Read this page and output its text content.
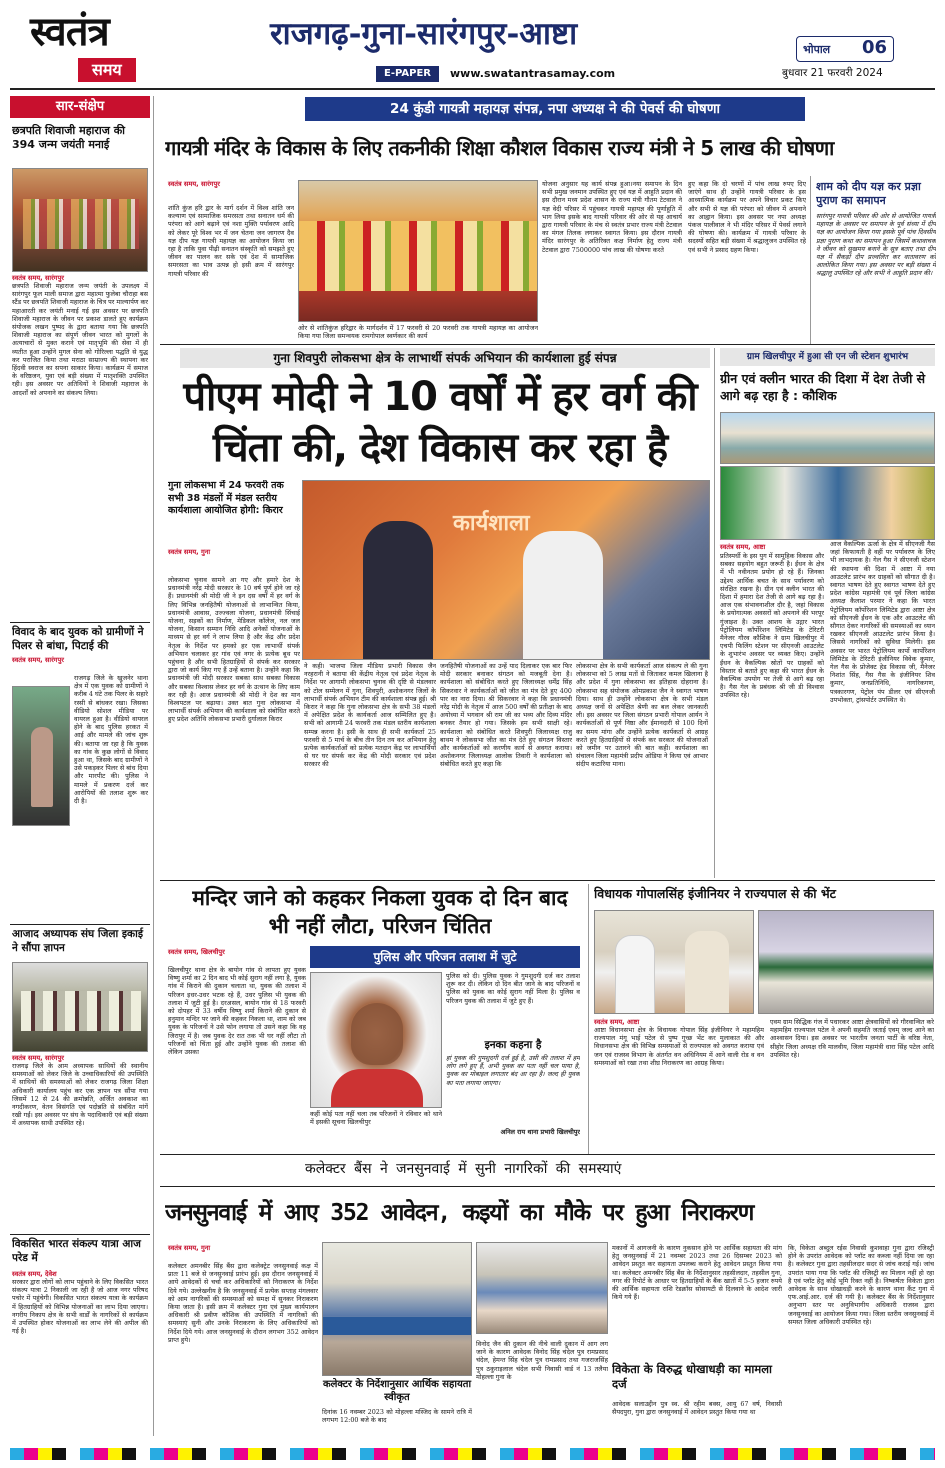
स्वतंत्र
समय
राजगढ़-गुना-सारंगपुर-आष्टा
E-PAPER	www.swatantrasamay.com
भोपाल 06
बुधवार 21 फरवरी 2024
सार-संक्षेप
छत्रपति शिवाजी महाराज की 394 जन्म जयंती मनाई
स्वतंत्र समय, सारंगपुर
छत्रपति शिवाजी महाराज जन्म जयंती के उपलक्ष्य में सारंगपुर फूल माली समाज द्वारा महात्मा फुलेबा चौराहा बस स्टैंड पर छत्रपति शिवाजी महाराज के चित्र पर माल्यार्पण कर महाआरती कर जयंती मनाई गई इस अवसर पर छत्रपति शिवाजी महाराज के जीवन पर प्रकाश डालते हुए कार्यक्रम संयोजक लखन पुष्पद के द्वारा बताया गया कि छत्रपति शिवाजी महाराज का संपूर्ण जीवन भारत को मुगलों के अत्याचारों से मुक्त कराने एवं मातृभूमि की सेवा में ही व्यतीत हुआ उन्होंने मुगल सेना को गोरिल्ला पद्धति से युद्ध कर पराजित किया तथा मराठा साम्राज्य की स्थापना कर हिंदवी स्वराज का सपना साकार किया। कार्यक्रम में समाज के वरिष्ठजन, युवा एवं बड़ी संख्या में मातृशक्ति उपस्थित रही। इस अवसर पर अतिथियों ने शिवाजी महाराज के आदर्शों को अपनाने का संकल्प लिया।
विवाद के बाद युवक को ग्रामीणों ने पिलर से बांधा, पिटाई की
स्वतंत्र समय, सारंगपुर
राजगढ़ जिले के खुजनेर थाना क्षेत्र में एक युवक को ग्रामीणों ने करीब 4 घंटे तक पिलर के सहारे रस्सी से बांधकर रखा। जिसका वीडियो सोशल मीडिया पर वायरल हुआ है। वीडियो वायरल होने के बाद पुलिस हरकत में आई और मामले की जांच शुरू की। बताया जा रहा है कि युवक का गांव के कुछ लोगों से विवाद हुआ था, जिसके बाद ग्रामीणों ने उसे पकड़कर पिलर से बांध दिया और मारपीट की। पुलिस ने मामले में प्रकरण दर्ज कर आरोपियों की तलाश शुरू कर दी है।
आजाद अध्यापक संघ जिला इकाई ने सौंपा ज्ञापन
स्वतंत्र समय, सारंगपुर
राजगढ़ जिले के आम अध्यापक साथियों की स्थानीय समस्याओं को लेकर जिले के उच्चाधिकारियों की उपस्थिति में साथियों की समस्याओं को लेकर राजगढ़ जिला शिक्षा अधिकारी कार्यालय पहुंच कर एक ज्ञापन पत्र सौंपा गया जिसमें 12 से 24 की क्रमोन्नति, अर्जित अवकाश का नगदीकरण, वेतन विसंगति एवं पदोन्नति से संबंधित मांगें रखी गईं। इस अवसर पर संघ के पदाधिकारी एवं बड़ी संख्या में अध्यापक साथी उपस्थित रहे।
विकसित भारत संकल्प यात्रा आज परेड में
स्वतंत्र समय, देवेश
सरकार द्वारा लोगों को लाभ पहुंचाने के लिए विकसित भारत संकल्प यात्रा 2 निकाली जा रही है जो आज नगर परिषद पचोर में पहुंचेगी। विकसित भारत संकल्प यात्रा के कार्यक्रम में हितग्राहियों को विभिन्न योजनाओं का लाभ दिया जाएगा। नगरीय निकाय क्षेत्र के सभी वार्डों के नागरिकों से कार्यक्रम में उपस्थित होकर योजनाओं का लाभ लेने की अपील की गई है।
24 कुंडी गायत्री महायज्ञ संपन्न, नपा अध्यक्ष ने की पेवर्स की घोषणा
गायत्री मंदिर के विकास के लिए तकनीकी शिक्षा कौशल विकास राज्य मंत्री ने 5 लाख की घोषणा
स्वतंत्र समय, सारंगपुर
शांति कुंज हरि द्वार के मार्ग दर्शन में विश्व शांति जन कल्याण एवं सामाजिक समरसता तथा सनातन धर्म की परंपरा को आगे बढ़ाने एवं नशा मुक्ति पर्यावरण आदि को लेकर पूरे विश्व भर में जन चेतना जन जागरण दैव यज्ञ दीप यज्ञ गायत्री महायज्ञ का आयोजन किया जा रहा है ताकि युवा पीढ़ी सनातन संस्कृति को समझते हुए जीवन का पालन कर सके एवं देश में सामाजिक समरसता का भाव उत्पन्न हो इसी क्रम में सारंगपुर गायत्री परिवार की
ओर से शांतिकुंज हरिद्वार के मार्गदर्शन में 17 फरवरी से 20 फरवरी तक गायत्री महायज्ञ का आयोजन किया गया जिला समन्वयक रामगोपाल स्वर्णकार की कार्य
योजना अनुसार यह कार्य संपन्न हुआ।नया समापन के दिन सभी प्रमुख जनमान उपस्थित हुए एवं यज्ञ में आहुति प्रदान की इस दौरान मध्य प्रदेश शासन के राज्य मंत्री गौतम टेटवाल ने यज्ञ वेदी परिसर में पहुंचकर गायत्री महायज्ञ की पूर्णाहुति में भाग लिया इसके बाद गायत्री परिवार की ओर से यह आचार्य द्वारा गायत्री परिवार के मंच से स्वतंत्र प्रभार राज्य मंत्री टेटवाल का मंगल तिलक लगाकर स्वागत किया। इस दौरान गायत्री मंदिर सारंगपुर के अतिरिक्त कक्ष निर्माण हेतु राज्य मंत्री टेटवाल द्वारा 7500000 पांच लाख की घोषणा करते
हुए कहा कि दो चरणों में पांच लाख रुपए दिए जाएंगे साथ ही उन्होंने गायत्री परिवार के इस आध्यात्मिक कार्यक्रम पर अपने विचार प्रकट किए और सभी से यज्ञ की परंपरा को जीवन में अपनाने का आह्वान किया। इस अवसर पर नपा अध्यक्ष पंकज पालीवाल ने भी मंदिर परिसर में पेवर्स लगाने की घोषणा की। कार्यक्रम में गायत्री परिवार के सदस्यों सहित बड़ी संख्या में श्रद्धालुजन उपस्थित रहे एवं सभी ने प्रसाद ग्रहण किया।
शाम को दीप यज्ञ कर प्रज्ञा पुराण का समापन
सारंगपुर गायत्री परिवार की ओर से आयोजित गायत्री महायज्ञ के अवसर पर समापन के पूर्व संध्या में दीप यज्ञ का आयोजन किया गया इसके पूर्व पांच दिवसीय प्रज्ञा पुराण कथा का समापन हुआ जिसमें कथावाचक ने जीवन को सुखमय बनाने के सूत्र बताए तथा दीप यज्ञ में सैकड़ों दीप प्रज्वलित कर वातावरण को आलोकित किया गया। इस अवसर पर बड़ी संख्या में श्रद्धालु उपस्थित रहे और सभी ने आहुति प्रदान की।
गुना शिवपुरी लोकसभा क्षेत्र के लाभार्थी संपर्क अभियान की कार्यशाला हुई संपन्न
पीएम मोदी ने 10 वर्षों में हर वर्ग की चिंता की, देश विकास कर रहा है
गुना लोकसभा में 24 फरवरी तक सभी 38 मंडलों में मंडल स्तरीय कार्यशाला आयोजित होगी: किरार
कार्यशाला
स्वतंत्र समय, गुना
लोकसभा चुनाव सामने आ गए और हमारे देश के प्रधानमंत्री नरेंद्र मोदी सरकार के 10 वर्ष पूर्ण होने जा रहे हैं। प्रधानमंत्री श्री मोदी जी ने इन दस वर्षों में हर वर्ग के लिए विभिन्न जनहितैषी योजनाओं से लाभान्वित किया, प्रधानमंत्री आवास, उज्ज्वला योजना, प्रधानमंत्री सिंचाई योजना, सड़कों का निर्माण, मेडिकल कॉलेज, नल जल योजना, किसान सम्मान निधि आदि अनेकों योजनाओं के माध्यम से हर वर्ग ने लाभ लिया है और केंद्र और प्रदेश नेतृत्व के निर्देश पर हमको हर एक लाभार्थी संपर्क अभियान चलाकर हर गांव एवं नगर के प्रत्येक बूथ पर पहुंचना है और सभी हितग्राहियों से संपर्क कर सरकार द्वारा जो कार्य किए गए हैं उन्हें बताना है। उन्होंने कहा कि प्रधानमंत्री जी मोदी सरकार सबका साथ सबका विकास और सबका विश्वास लेकर हर वर्ग के उत्थान के लिए काम कर रही है। आज प्रधानमंत्री श्री मोदी ने देश का मान विश्वपटल पर बढ़ाया। उक्त बात गुना लोकसभा में लाभार्थी संपर्क अभियान की कार्यशाला को संबोधित करते हुए प्रदेश अतिथि लोकसभा प्रभारी दुर्गालाल किरार
ने कही। भाजपा जिला मीडिया प्रभारी विकास जैन नरहरानी ने बताया की केंद्रीय नेतृत्व एवं प्रदेश नेतृत्व के निर्देश पर आगामी लोकसभा चुनाव की दृष्टि से मंडलवार को टोल सम्मेलन में गुना, शिवपुरी, अशोकनगर जिलों के लाभार्थी संपर्क अभियान टीम की कार्यशाला संपन्न हुई। श्री किरार ने कहा कि गुना लोकसभा क्षेत्र के सभी 38 मंडलों में अपेक्षित प्रदेश के कार्यकर्ता आज सम्मिलित हुए है। सभी को आगामी 24 फरवरी तक मंडल स्तरीय कार्यशाला सम्पन्न करना है। इसी के साथ ही सभी कार्यकर्ता 25 फरवरी से 5 मार्च के बीच तीन दिन तय कर अभियान हेतु प्रत्येक कार्यकर्ताओं को प्रत्येक मतदान केंद्र पर लाभार्थियों से घर घर संपर्क कर केंद्र की मोदी सरकार एवं प्रदेश सरकार की
जनहितैषी योजनाओं का उन्हें याद दिलाकर एक बार फिर मोदी सरकार बनाकर संगठन को मजबूती देना है। कार्यशाला को संबोधित करते हुए जिलाध्यक्ष धर्मेंद्र सिंह सिकरवार ने कार्यकर्ताओं को जीत का मंत्र देते हुए 400 पार का नारा दिया। श्री सिकरवार ने कहा कि प्रधानमंत्री नरेंद्र मोदी के नेतृत्व में आज 500 वर्षों की प्रतीक्षा के बाद अयोध्या में भगवान श्री राम जी का भव्य और दिव्य मंदिर बनकर तैयार हो गया। जिसके हम सभी साक्षी रहे। कार्यशाला को संबोधित करते शिवपुरी जिलाध्यक्ष राजु बाथम ने लोकसभा जीत का मंत्र देते हुए संगठन विस्तार और कार्यकर्ताओं को करणीय कार्य से अवगत कराया। अशोकनगर जिलाध्यक्ष आलोक तिवारी ने कार्यशाला को संबोधित करते हुए कहा कि
लोकसभा क्षेत्र के सभी कार्यकर्ता आज संकल्प ले की गुना लोकसभा को 5 लाख मतों से जिताकर कमल खिलाना है और प्रदेश में गुना लोकसभा का इतिहास दोहराना है। लोकसभा सह संयोजक ओमप्रकाश जैन ने स्वागत भाषण दिया। साथ ही उन्होंने लोकसभा क्षेत्र के सभी मंडल अध्यक्ष जनों से अपेक्षित श्रेणी का बल लेकर जानकारी ली। इस अवसर पर जिला संगठन प्रभारी गोपाल आर्यन ने कार्यकर्ताओं से पूर्ण निष्ठा और ईमानदारी से 100 दिनों का समय मांगा और उन्होंने प्रत्येक कार्यकर्ता से आग्रह करते हुए हितग्राहियों से संपर्क कर सरकार की योजनाओं को जमीन पर उतारने की बात कही। कार्यशाला का संचालन जिला महामंत्री प्रदीप ओडिया ने किया एवं आभार संदीप कटारिया माना।
ग्राम खिलचीपुर में हुआ सी एन जी स्टेशन शुभारंभ
ग्रीन एवं क्लीन भारत की दिशा में देश तेजी से आगे बढ़ रहा है : कौशिक
स्वतंत्र समय, आष्टा
प्रतिस्पर्धी के इस युग में सामूहिक विकास और सबका सहयोग बहुत जरूरी है। ईंधन के क्षेत्र में भी नवीनतम प्रयोग हो रहे हैं। जिनका उद्देश्य आर्थिक बचत के साथ पर्यावरण को संरक्षित रखना है। ग्रीन एवं क्लीन भारत की दिशा में हमारा देश तेजी से आगे बढ़ रहा है। आज एक संभावनाशील दौर है, जहां विकास के प्रयोगात्मक अवसरों को अपनाने की भरपूर गुंजाइश है। उक्त आशय के उद्गार भारत पेट्रोलियम कॉर्पोरेशन लिमिटेड के टेरिटरी मैनेजर गौरव कौशिक ने ग्राम खिलचीपुर में एचपी फिलिंग स्टेशन पर सीएनजी आउटलेट के शुभारंभ अवसर पर व्यक्त किए। उन्होंने ईंधन के वैकल्पिक स्रोतों पर ग्राहकों को विस्तार से बताते हुए कहा की भारत ईंधन के वैकल्पिक उपयोग पर तेजी से आगे बढ़ रहा है। गैस गेल के प्रबंधक श्री जी डी विश्वास उपस्थित रहे।
आज वैकल्पिक ऊर्जा के क्षेत्र में सीएनजी गैस जहां किफायती है वहीं पर पर्यावरण के लिए भी लाभदायक है। गेल गैस ने सीएनजी स्टेशन की स्थापना की दिशा में आष्टा में नया आउटलेट प्रारंभ कर ग्राहकों को सौगात दी है। स्वागत भाषण देते हुए स्वागत भाषण देते हुए प्रदेश कांग्रेस महामंत्री एवं पूर्व जिला कांग्रेस अध्यक्ष कैलाश परमार ने कहा कि भारत पेट्रोलियम कॉर्पोरेशन लिमिटेड द्वारा आष्टा क्षेत्र को सीएनजी ईंधन के एक और आउटलेट की सौगात देकर नागरिकों की समस्याओं का ध्यान रखकर सीएनजी आउटलेट प्रारंभ किया है। जिससे नागरिकों को सुविधा मिलेगी। इस अवसर पर भारत पेट्रोलियम कार्पो कार्पोरेशन लिमिटेड के टेरिटरी इंजीनियर विवेक कुमार, गेल गैस के प्रोजेक्ट हेड विकास जी, मैनेजर निशांत सिंह, गैस गैस के इंजीनियर शिव कुमार, जनप्रतिनिधि, नागरिकगण, पत्रकारगण, पेट्रोल पंप डीलर एवं सीएनजी उपभोक्ता, ट्रांसपोर्टर उपस्थित थे।
मन्दिर जाने को कहकर निकला युवक दो दिन बाद भी नहीं लौटा, परिजन चिंतित
पुलिस और परिजन तलाश में जुटे
स्वतंत्र समय, खिलचीपुर
खिलचीपुर थाना क्षेत्र के बायोन गांव से लापता हुए युवक विष्णु शर्मा का 2 दिन बाद भी कोई सुराग नहीं लगा है, युवक गांव में किराने की दुकान चलाता था, युवक की तलाश में परिजन इधर-उधर भटक रहे हैं, उधर पुलिस भी युवक की तलाश में जुटी हुई है। दरअसल, बायोन गांव से 18 फरवरी को दोपहर में 33 वर्षीय विष्णु शर्मा किराने की दुकान से हनुमान मन्दिर पर जाने की कहकर निकला था, शाम को जब युवक के परिजनों ने उसे फोन लगाया तो उसने कहा कि वह जिरापुर में है। जब युवक देर रात तक भी घर नहीं लौटा तो परिजनों को चिंता हुई और उन्होंने युवक की तलाश की लेकिन उसका
कहीं कोई पता नहीं चला तब परिजनों ने रविवार को थाने में इसकी सूचना खिलचीपुर
पुलिस को दी। पुलिस युवक ने गुमशुदगी दर्ज कर तलाश शुरू कर दी। लेकिन दो दिन बीत जाने के बाद परिजनों व पुलिस को युवक का कोई सुराग नहीं मिला है। पुलिस व परिजन युवक की तलाश में जुटे हुए हैं।
इनका कहना है
हां युवक की गुमशुदगी दर्ज हुई है, उसी की तलाश में हम लोग लगे हुए हैं, अभी युवक का पता नहीं चल पाया है, युवक का मोबाइल लगातार बंद आ रहा है। जल्द ही युवक का पता लगाया जाएगा।
अनिल राय थाना प्रभारी खिलचीपुर
विधायक गोपालसिंह इंजीनियर ने राज्यपाल से की भेंट
स्वतंत्र समय, आष्टा
आष्टा विधानसभा क्षेत्र के विधायक गोपाल सिंह इंजीनियर ने महामहिम राज्यपाल मंगू भाई पटेल से पुष्प गुच्छ भेंट कर मुलाकात की और विधानसभा क्षेत्र की विभिन्न समस्याओं से राज्यपाल को अवगत कराया एवं जन एवं राजस्व विभाग के अंतर्गत वन अधिनियम में आने वाली रोड व वन समस्याओं को रखा तथा शीघ्र निराकरण का आग्रह किया।
एवम ग्राम सिद्धिक गंज में पधारकर आष्टा क्षेत्रवासियों को गौरवान्वित करे महामहिम राज्यपाल पटेल ने अपनी सहमति जताई एवम् जल्द आने का आश्वासन दिया। इस अवसर पर भारतीय जनता पार्टी के वरिष्ठ नेता, सीहोर जिला अध्यक्ष रवि मालवीय, जिला महामंत्री धारा सिंह पटेल आदि उपस्थित रहे।
कलेक्टर बैंस ने जनसुनवाई में सुनी नागरिकों की समस्याएं
जनसुनवाई में आए 352 आवेदन, कइयों का मौके पर हुआ निराकरण
स्वतंत्र समय, गुना
कलेक्टर अमनबीर सिंह बैंस द्वारा कलेक्ट्रेट जनसुनवाई कक्ष में प्रातः 11 बजे से जनसुनवाई प्रारंभ हुई। इस दौरान जनसुनवाई में आये आवेदकों से चर्चा कर अधिकारियों को निराकरण के निर्देश दिये गये। उल्लेखनीय है कि जनसुनवाई में प्रत्येक सप्ताह मंगलवार को आम नागरिकों की समस्याओं को समक्ष में सुनकर निराकरण किया जाता है। इसी क्रम में कलेक्टर गुना एवं मुख्य कार्यपालन अधिकारी श्री प्रवीण कौशिक की उपस्थिति में नागरिकों की समस्याएं सुनी और उनके निराकरण के लिए अधिकारियों को निर्देश दिये गये। आज जनसुनवाई के दौरान लगभग 352 आवेदन प्राप्त हुये।
कलेक्टर के निर्देशानुसार आर्थिक सहायता स्वीकृत
दिनांक 16 नवम्बर 2023 को मोहल्ला मस्जिद के सामने रात्रि में लगभग 12:00 बजे के बाद
विनोद जैन की दुकान की नीचे वाली दुकान में आग लग जाने के कारण आवेदक विनोद सिंह चंदेल पुत्र रामप्रसाद चंदेल, हेमन्त सिंह चंदेल पुत्र रामप्रसाद तथा गजराजसिंह पुत्र ठकुराइलाल चंदेल सभी निवासी वार्ड नं 13 तलैया मोहल्ला गुना के
मकानों में आगजनी के कारण नुकसान होने पर आर्थिक सहायता की मांग हेतु जनसुनवाई में 21 नवम्बर 2023 तथा 26 दिसम्बर 2023 को आवेदन प्रस्तुत कर सहायता उपलब्ध कराने हेतु आवेदन प्रस्तुत किया गया था। कलेक्टर अमनबीर सिंह बैंस के निर्देशानुसार तहसीलदार, तहसील गुना, नगर की रिपोर्ट के आधार पर हितग्राहियों के बैंक खातों में 5-5 हजार रुपये की आर्थिक सहायता राशि रेडक्रॉस सोसायटी से दिलवाने के आदेश जारी किये गये हैं।
विकेता के विरुद्ध धोखाधड़ी का मामला दर्ज
आवेदक सलाउद्दीन पुत्र स्व. श्री रहीम बक्स, आयु 67 वर्ष, निवासी सैयदपुरा, गुना द्वारा जनसुनवाई में आवेदन प्रस्तुत किया गया था
कि, विकेता अब्दुल रईस निवासी कुशवाहा गुना द्वारा रजिस्ट्री होने के उपरांत आवेदक को प्लॉट का कब्जा नहीं दिया जा रहा है। कलेक्टर गुना द्वारा तहसीलदार सदर से जांच कराई गई। जांच उपरांत पाया गया कि प्लॉट की रजिस्ट्री का मिलान नहीं हो रहा है एवं प्लॉट हेतु कोई भूमि रिक्त नहीं है। निष्कर्षतः विकेता द्वारा आवेदक के साथ धोखाधड़ी करने के कारण थाना कैंट गुना में एफ.आई.आर. दर्ज की गयी है। कलेक्टर बैंस के निर्देशानुसार अनुभाग स्तर पर अनुविभागीय अधिकारी राजस्व द्वारा जनसुनवाई का आयोजन किया गया। जिला स्तरीय जनसुनवाई में समस्त जिला अधिकारी उपस्थित रहे।
